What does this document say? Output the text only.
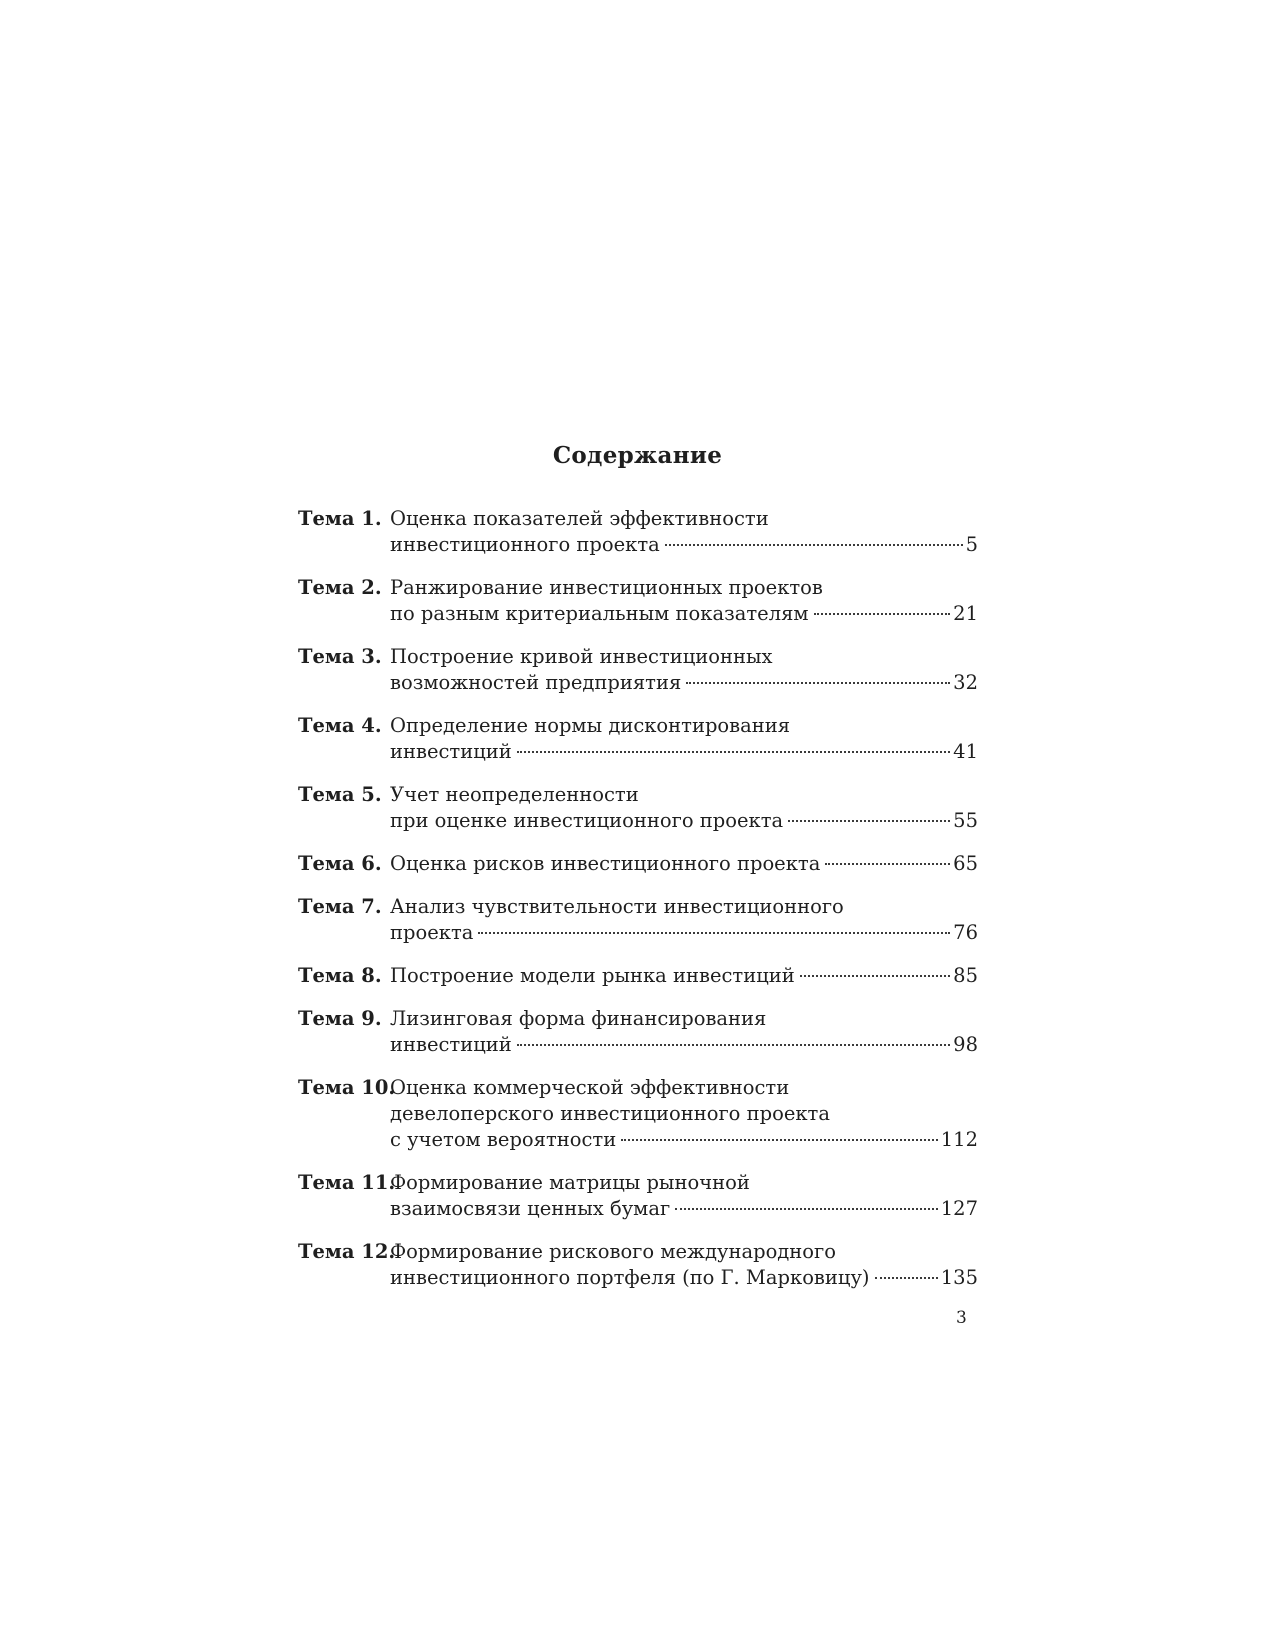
Содержание
Тема 1. Оценка показателей эффективности
инвестиционного проекта	5
Тема 2. Ранжирование инвестиционных проектов
по разным критериальным показателям	21
Тема 3. Построение кривой инвестиционных
возможностей предприятия	32
Тема 4. Определение нормы дисконтирования
инвестиций	41
Тема 5. Учет неопределенности
при оценке инвестиционного проекта	55
Тема 6. Оценка рисков инвестиционного проекта	65
Тема 7. Анализ чувствительности инвестиционного
проекта	76
Тема 8. Построение модели рынка инвестиций	85
Тема 9. Лизинговая форма финансирования
инвестиций	98
Тема 10.
Оценка коммерческой эффективности
девелоперского инвестиционного проекта
с учетом вероятности	112
Тема 11.
Формирование матрицы рыночной
взаимосвязи ценных бумаг	127
Тема 12.
Формирование рискового международного
инвестиционного портфеля (по Г. Марковицу)	135
3
